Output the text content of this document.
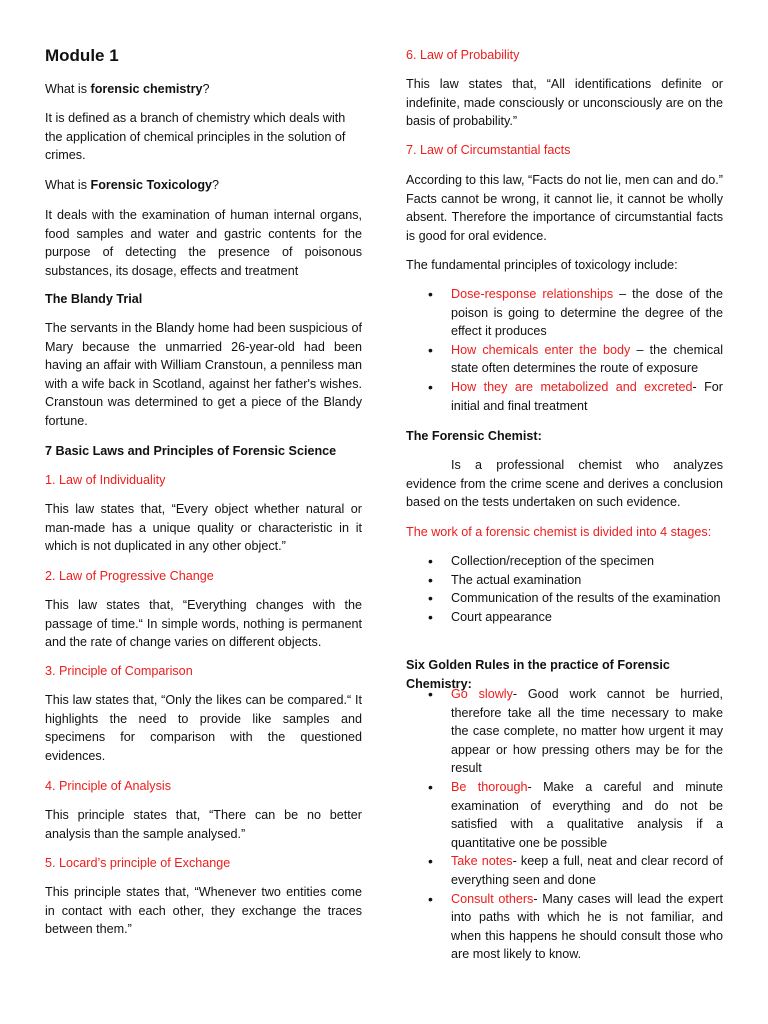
Module 1

What is forensic chemistry?

It is defined as a branch of chemistry which deals with the application of chemical principles in the solution of crimes.

What is Forensic Toxicology?

It deals with the examination of human internal organs, food samples and water and gastric contents for the purpose of detecting the presence of poisonous substances, its dosage, effects and treatment

The Blandy Trial

The servants in the Blandy home had been suspicious of Mary because the unmarried 26-year-old had been having an affair with William Cranstoun, a penniless man with a wife back in Scotland, against her father's wishes. Cranstoun was determined to get a piece of the Blandy fortune.

7 Basic Laws and Principles of Forensic Science

1. Law of Individuality

This law states that, “Every object whether natural or man-made has a unique quality or characteristic in it which is not duplicated in any other object.”

2. Law of Progressive Change

This law states that, “Everything changes with the passage of time.“ In simple words, nothing is permanent and the rate of change varies on different objects.

3. Principle of Comparison

This law states that, “Only the likes can be compared.“ It highlights the need to provide like samples and specimens for comparison with the questioned evidences.

4. Principle of Analysis

This principle states that, “There can be no better analysis than the sample analysed.”

5. Locard’s principle of Exchange

This principle states that, “Whenever two entities come in contact with each other, they exchange the traces between them.”

6. Law of Probability

This law states that, “All identifications definite or indefinite, made consciously or unconsciously are on the basis of probability.”

7. Law of Circumstantial facts

According to this law, “Facts do not lie, men can and do.” Facts cannot be wrong, it cannot lie, it cannot be wholly absent. Therefore the importance of circumstantial facts is good for oral evidence.

The fundamental principles of toxicology include:

• Dose-response relationships – the dose of the poison is going to determine the degree of the effect it produces
• How chemicals enter the body – the chemical state often determines the route of exposure
• How they are metabolized and excreted- For initial and final treatment

The Forensic Chemist:

Is a professional chemist who analyzes evidence from the crime scene and derives a conclusion based on the tests undertaken on such evidence.

The work of a forensic chemist is divided into 4 stages:

• Collection/reception of the specimen
• The actual examination
• Communication of the results of the examination
• Court appearance

Six Golden Rules in the practice of Forensic Chemistry:

• Go slowly- Good work cannot be hurried, therefore take all the time necessary to make the case complete, no matter how urgent it may appear or how pressing others may be for the result
• Be thorough- Make a careful and minute examination of everything and do not be satisfied with a qualitative analysis if a quantitative one be possible
• Take notes- keep a full, neat and clear record of everything seen and done
• Consult others- Many cases will lead the expert into paths with which he is not familiar, and when this happens he should consult those who are most likely to know.
